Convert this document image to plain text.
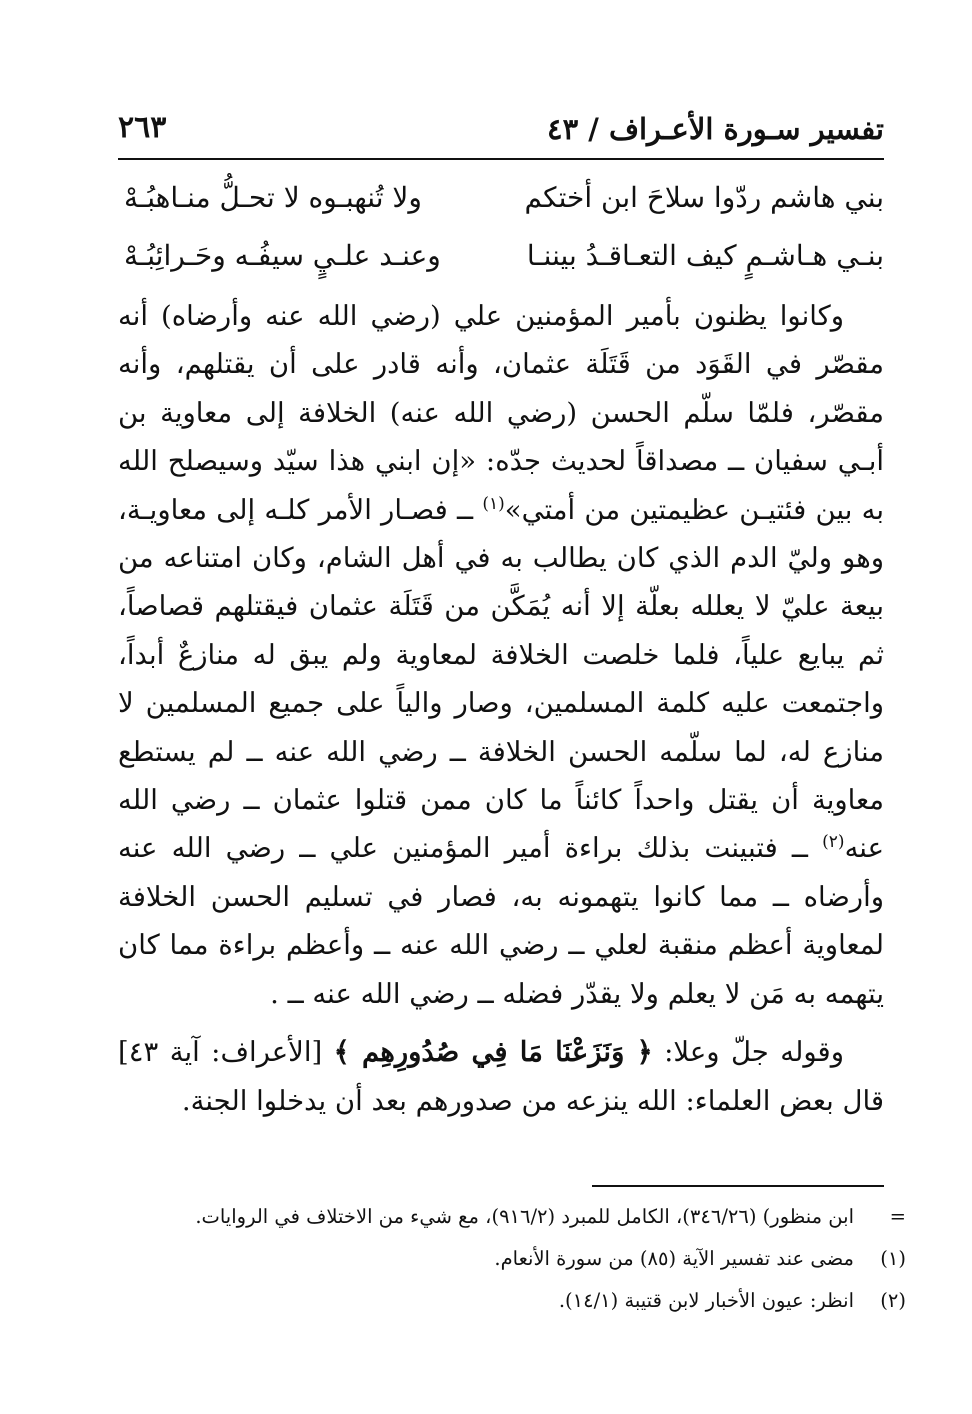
تفسير سـورة الأعـراف / ٤٣
٢٦٣
بني هاشم ردّوا سلاحَ ابن أختكم
ولا تُنهبـوه لا تحـلُّ منـاهبُـهْ
بنـي هـاشـمٍ كيف التعـاقـدُ بيننـا
وعنـد علـيٍ سيفُـه وحَـرائِبُـهْ

وكانوا يظنون بأمير المؤمنين علي (رضي الله عنه وأرضاه) أنه مقصّر في القَوَد من قَتَلَة عثمان، وأنه قادر على أن يقتلهم، وأنه مقصّر، فلمّا سلّم الحسن (رضي الله عنه) الخلافة إلى معاوية بن أبـي سفيان ــ مصداقاً لحديث جدّه: «إن ابني هذا سيّد وسيصلح الله به بين فئتيـن عظيمتين من أمتي»$^{(١)}$ ــ فصـار الأمر كلـه إلى معاويـة، وهو وليّ الدم الذي كان يطالب به في أهل الشام، وكان امتناعه من بيعة عليّ لا يعلله بعلّة إلا أنه يُمَكَّن من قَتَلَة عثمان فيقتلهم قصاصاً، ثم يبايع علياً، فلما خلصت الخلافة لمعاوية ولم يبق له منازعٌ أبداً، واجتمعت عليه كلمة المسلمين، وصار والياً على جميع المسلمين لا منازع له، لما سلّمه الحسن الخلافة ــ رضي الله عنه ــ لم يستطع معاوية أن يقتل واحداً كائناً ما كان ممن قتلوا عثمان ــ رضي الله عنه$^{(٢)}$ ــ فتبينت بذلك براءة أمير المؤمنين علي ــ رضي الله عنه وأرضاه ــ مما كانوا يتهمونه به، فصار في تسليم الحسن الخلافة لمعاوية أعظم منقبة لعلي ــ رضي الله عنه ــ وأعظم براءة مما كان يتهمه به مَن لا يعلم ولا يقدّر فضله ــ رضي الله عنه ــ .

وقوله جلّ وعلا: ﴿ وَنَزَعْنَا مَا فِي صُدُورِهِم ﴾ [الأعراف: آية ٤٣] قال بعض العلماء: الله ينزعه من صدورهم بعد أن يدخلوا الجنة.

=
ابن منظور) (٣٤٦/٢٦)، الكامل للمبرد (٩١٦/٢)، مع شيء من الاختلاف في الروايات.
(١)
مضى عند تفسير الآية (٨٥) من سورة الأنعام.
(٢)
انظر: عيون الأخبار لابن قتيبة (١٤/١).
